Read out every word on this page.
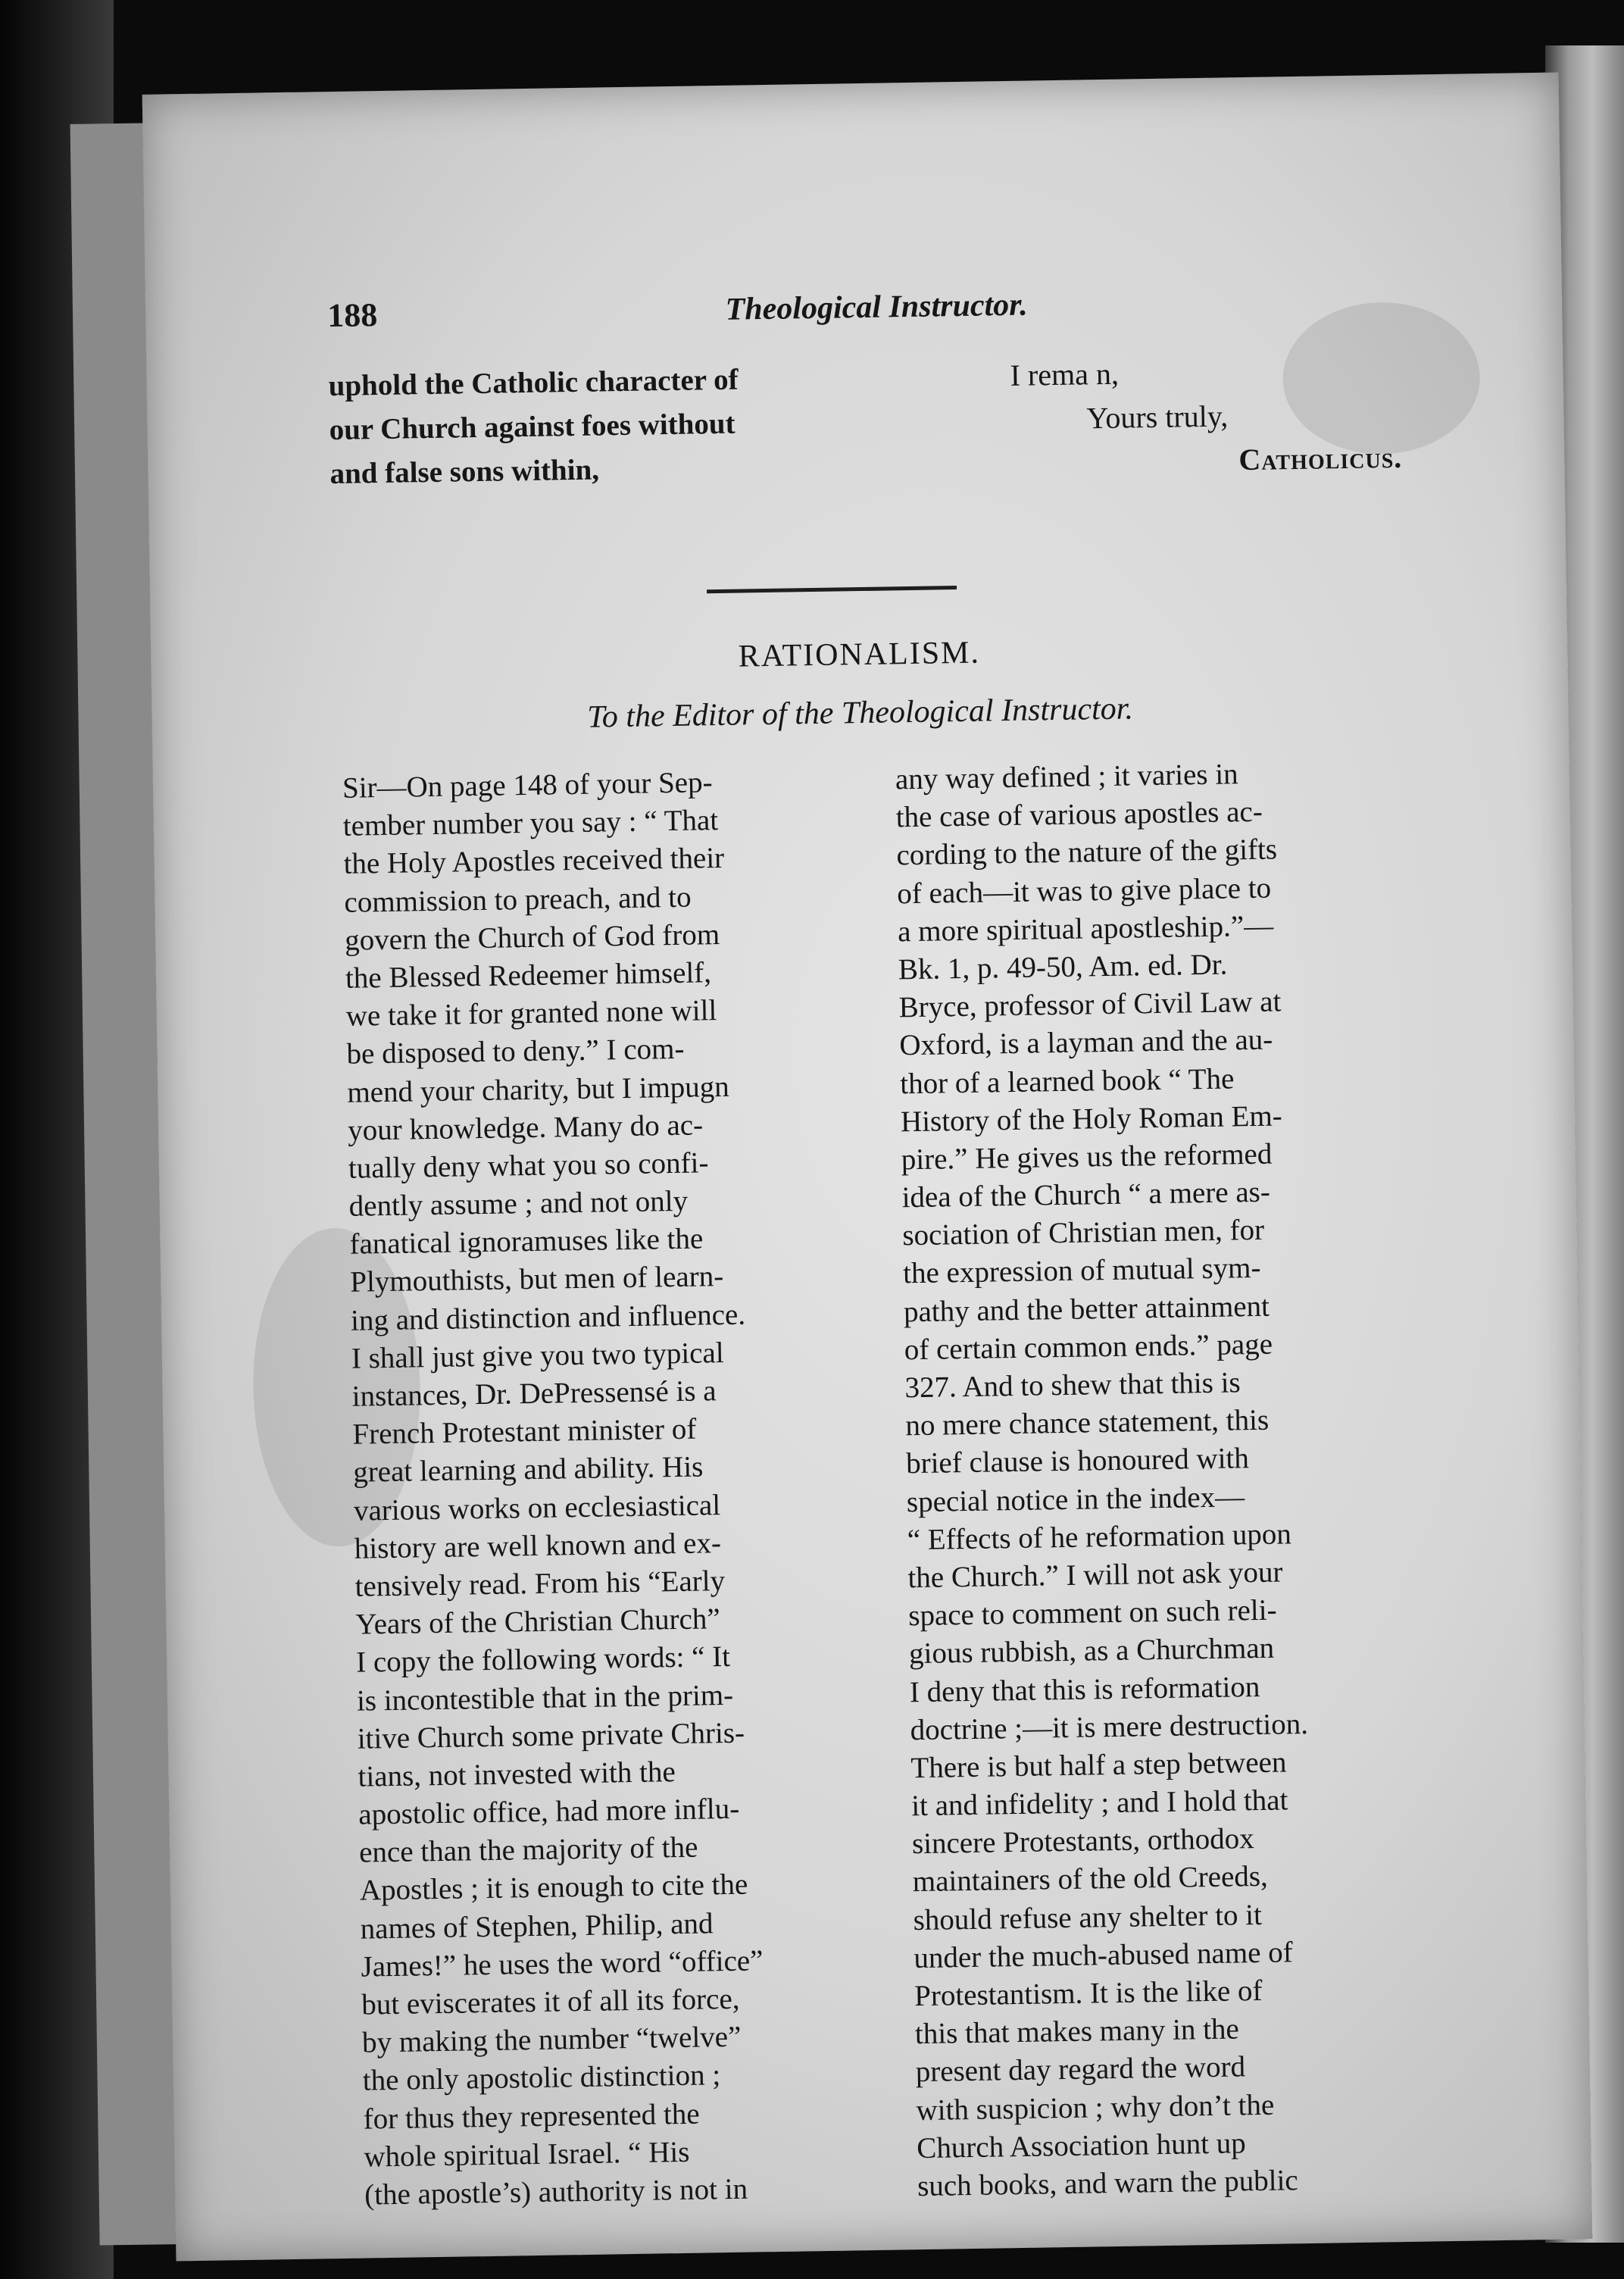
188	Theological Instructor.
uphold the Catholic character of
our Church against foes without
and false sons within,
I rema n,
Yours truly,
Catholicus.
RATIONALISM.
To the Editor of the Theological Instructor.
Sir—On page 148 of your Sep-
tember number you say : “ That
the Holy Apostles received their
commission to preach, and to
govern the Church of God from
the Blessed Redeemer himself,
we take it for granted none will
be disposed to deny.” I com-
mend your charity, but I impugn
your knowledge. Many do ac-
tually deny what you so confi-
dently assume ; and not only
fanatical ignoramuses like the
Plymouthists, but men of learn-
ing and distinction and influence.
I shall just give you two typical
instances, Dr. DePressensé is a
French Protestant minister of
great learning and ability. His
various works on ecclesiastical
history are well known and ex-
tensively read. From his “Early
Years of the Christian Church”
I copy the following words: “ It
is incontestible that in the prim-
itive Church some private Chris-
tians, not invested with the
apostolic office, had more influ-
ence than the majority of the
Apostles ; it is enough to cite the
names of Stephen, Philip, and
James!” he uses the word “office”
but eviscerates it of all its force,
by making the number “twelve”
the only apostolic distinction ;
for thus they represented the
whole spiritual Israel. “ His
(the apostle’s) authority is not in
any way defined ; it varies in
the case of various apostles ac-
cording to the nature of the gifts
of each—it was to give place to
a more spiritual apostleship.”—
Bk. 1, p. 49-50, Am. ed. Dr.
Bryce, professor of Civil Law at
Oxford, is a layman and the au-
thor of a learned book “ The
History of the Holy Roman Em-
pire.” He gives us the reformed
idea of the Church “ a mere as-
sociation of Christian men, for
the expression of mutual sym-
pathy and the better attainment
of certain common ends.” page
327. And to shew that this is
no mere chance statement, this
brief clause is honoured with
special notice in the index—
“ Effects of he reformation upon
the Church.” I will not ask your
space to comment on such reli-
gious rubbish, as a Churchman
I deny that this is reformation
doctrine ;—it is mere destruction.
There is but half a step between
it and infidelity ; and I hold that
sincere Protestants, orthodox
maintainers of the old Creeds,
should refuse any shelter to it
under the much-abused name of
Protestantism. It is the like of
this that makes many in the
present day regard the word
with suspicion ; why don’t the
Church Association hunt up
such books, and warn the public
